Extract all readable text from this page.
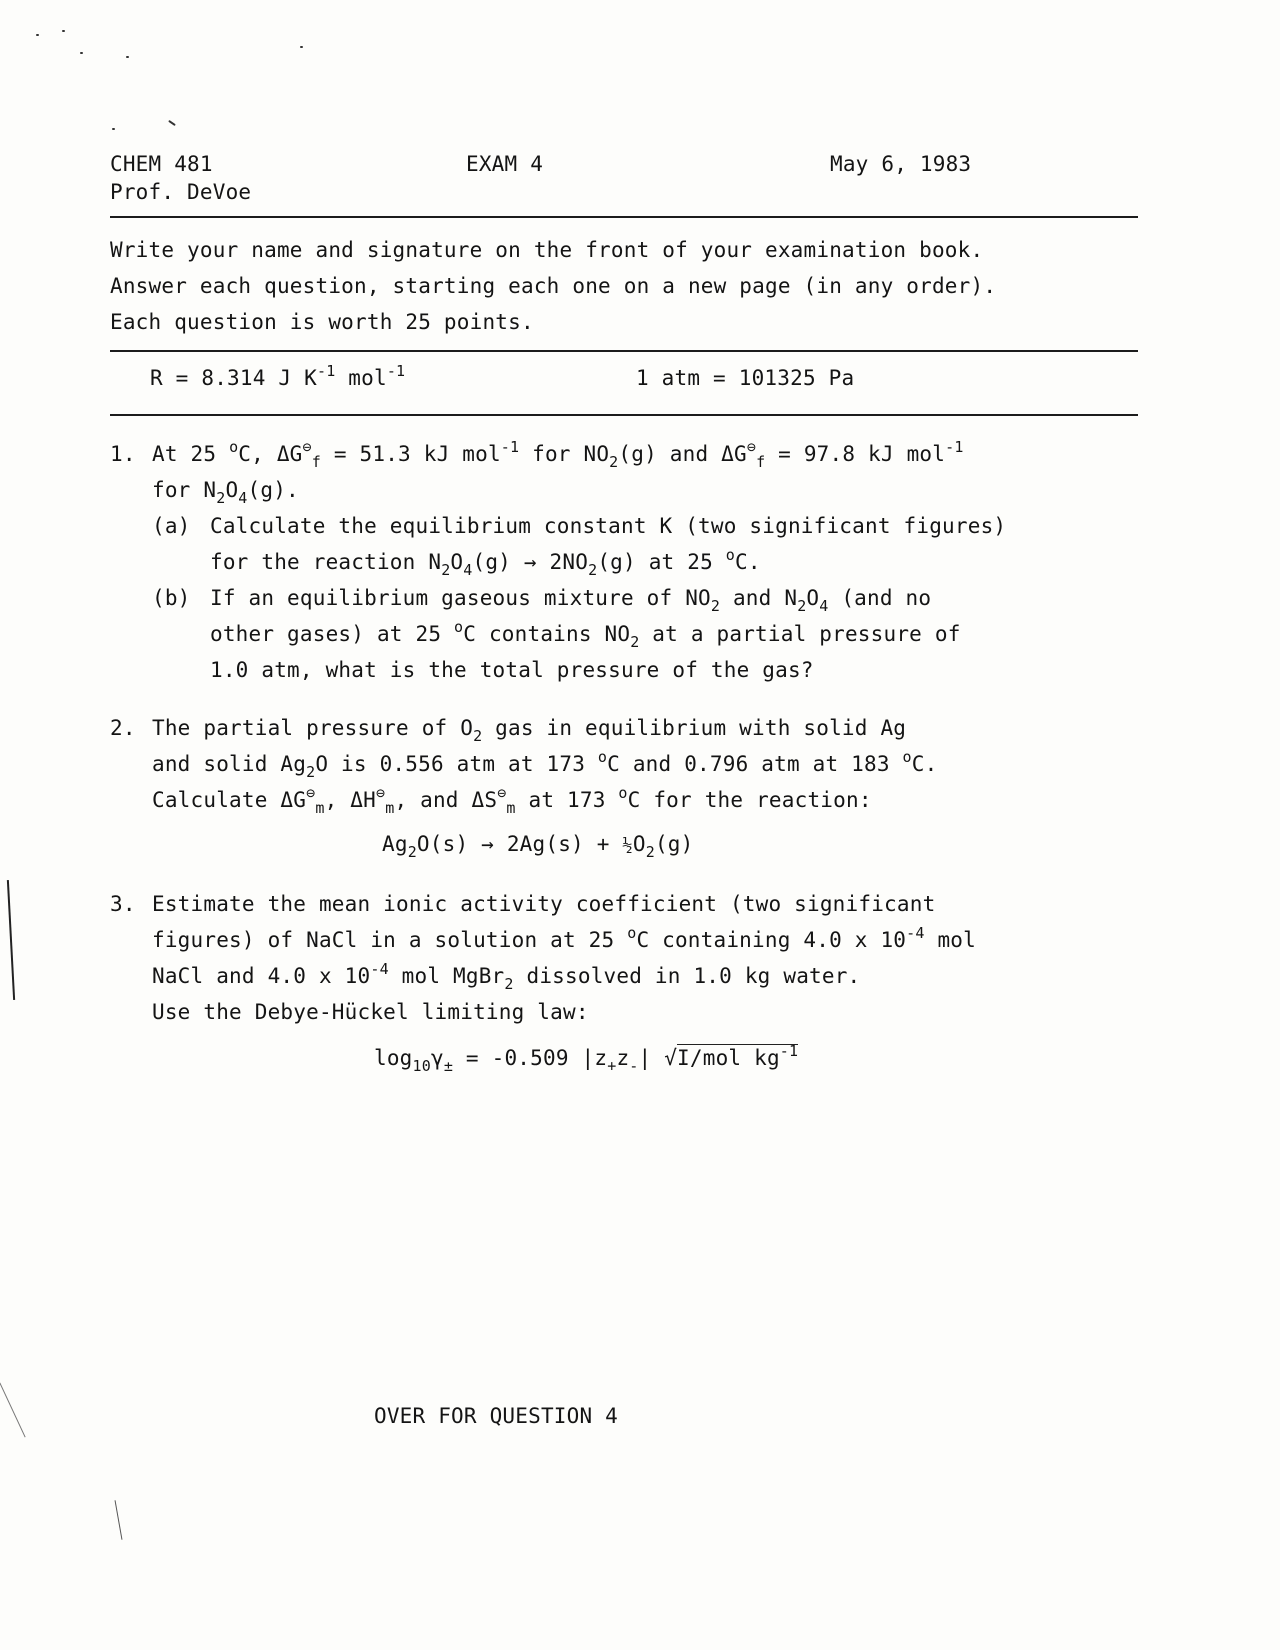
CHEM 481
Prof. DeVoe
EXAM 4	May 6, 1983
Write your name and signature on the front of your examination book.
Answer each question, starting each one on a new page (in any order).
Each question is worth 25 points.
R = 8.314 J $K^{-1}$ mol$^{-1}$	1 atm = 101325 Pa
1. At 25 $^o$C, $\Delta G^⊖_f = 51.3$ kJ mol$^{-1}$ for $NO_2(g)$ and $\Delta G^⊖_f = 97.8$ kJ mol$^{-1}$
for $N_2O_4(g)$.
(a) Calculate the equilibrium constant K (two significant figures)
for the reaction $N_2O_4(g) \to 2NO_2(g)$ at 25 $^o$C.
(b) If an equilibrium gaseous mixture of $NO_2$ and $N_2O_4$ (and no
other gases) at 25 $^o$C contains $NO_2$ at a partial pressure of
1.0 atm, what is the total pressure of the gas?
2. The partial pressure of $O_2$ gas in equilibrium with solid Ag
and solid $Ag_2O$ is 0.556 atm at 173 $^o$C and 0.796 atm at 183 $^o$C.
Calculate $\Delta G^⊖_m$, $\Delta H^⊖_m$, and $\Delta S^⊖_m$ at 173 $^o$C for the reaction:
$Ag_2O(s) \to 2Ag(s)$ + $\frac{1}{2}O_2(g)$
3. Estimate the mean ionic activity coefficient (two significant
figures) of NaCl in a solution at 25 $^o$C containing 4.0 x $10^{-4}$ mol
NaCl and 4.0 x $10^{-4}$ mol MgBr$_2$ dissolved in 1.0 kg water.
Use the Debye-Hückel limiting law:
$\log_{10}\gamma_\pm = -0.509$ $|z_+z_-|$ √I/mol $kg^{-1}$
OVER FOR QUESTION 4
